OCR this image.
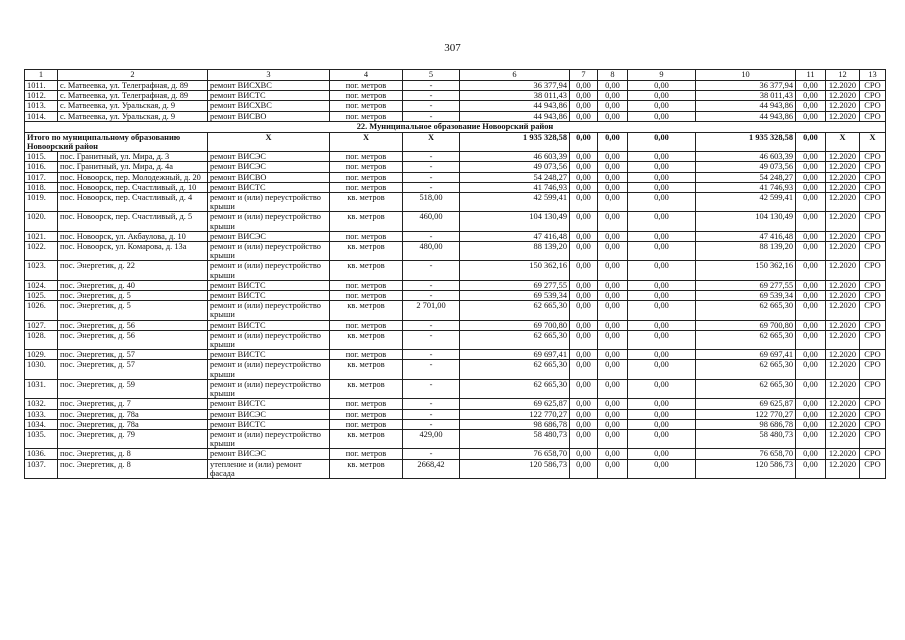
307
1	2	3	4	5	6	7	8	9	10	11	12	13
1011.	с. Матвеевка, ул. Телеграфная, д. 89	ремонт ВИСХВС	пог. метров	-	36 377,94	0,00	0,00	0,00	36 377,94	0,00	12.2020	СРО
1012.	с. Матвеевка, ул. Телеграфная, д. 89	ремонт ВИСТС	пог. метров	-	38 011,43	0,00	0,00	0,00	38 011,43	0,00	12.2020	СРО
1013.	с. Матвеевка, ул. Уральская, д. 9	ремонт ВИСХВС	пог. метров	-	44 943,86	0,00	0,00	0,00	44 943,86	0,00	12.2020	СРО
1014.	с. Матвеевка, ул. Уральская, д. 9	ремонт ВИСВО	пог. метров	-	44 943,86	0,00	0,00	0,00	44 943,86	0,00	12.2020	СРО
22. Муниципальное образование Новоорский район												
Итого по муниципальному образованию Новоорский район		X	X	X	1 935 328,58	0,00	0,00	0,00	1 935 328,58	0,00	X	X
1015.	пос. Гранитный, ул. Мира, д. 3	ремонт ВИСЭС	пог. метров	-	46 603,39	0,00	0,00	0,00	46 603,39	0,00	12.2020	СРО
1016.	пос. Гранитный, ул. Мира, д. 4а	ремонт ВИСЭС	пог. метров	-	49 073,56	0,00	0,00	0,00	49 073,56	0,00	12.2020	СРО
1017.	пос. Новоорск, пер. Молодежный, д. 20	ремонт ВИСВО	пог. метров	-	54 248,27	0,00	0,00	0,00	54 248,27	0,00	12.2020	СРО
1018.	пос. Новоорск, пер. Счастливый, д. 10	ремонт ВИСТС	пог. метров	-	41 746,93	0,00	0,00	0,00	41 746,93	0,00	12.2020	СРО
1019.	пос. Новоорск, пер. Счастливый, д. 4	ремонт и (или) переустройство крыши	кв. метров	518,00	42 599,41	0,00	0,00	0,00	42 599,41	0,00	12.2020	СРО
1020.	пос. Новоорск, пер. Счастливый, д. 5	ремонт и (или) переустройство крыши	кв. метров	460,00	104 130,49	0,00	0,00	0,00	104 130,49	0,00	12.2020	СРО
1021.	пос. Новоорск, ул. Акбаулова, д. 10	ремонт ВИСЭС	пог. метров	-	47 416,48	0,00	0,00	0,00	47 416,48	0,00	12.2020	СРО
1022.	пос. Новоорск, ул. Комарова, д. 13а	ремонт и (или) переустройство крыши	кв. метров	480,00	88 139,20	0,00	0,00	0,00	88 139,20	0,00	12.2020	СРО
1023.	пос. Энергетик, д. 22	ремонт и (или) переустройство крыши	кв. метров	-	150 362,16	0,00	0,00	0,00	150 362,16	0,00	12.2020	СРО
1024.	пос. Энергетик, д. 40	ремонт ВИСТС	пог. метров	-	69 277,55	0,00	0,00	0,00	69 277,55	0,00	12.2020	СРО
1025.	пос. Энергетик, д. 5	ремонт ВИСТС	пог. метров	-	69 539,34	0,00	0,00	0,00	69 539,34	0,00	12.2020	СРО
1026.	пос. Энергетик, д. 5	ремонт и (или) переустройство крыши	кв. метров	2 701,00	62 665,30	0,00	0,00	0,00	62 665,30	0,00	12.2020	СРО
1027.	пос. Энергетик, д. 56	ремонт ВИСТС	пог. метров	-	69 700,80	0,00	0,00	0,00	69 700,80	0,00	12.2020	СРО
1028.	пос. Энергетик, д. 56	ремонт и (или) переустройство крыши	кв. метров	-	62 665,30	0,00	0,00	0,00	62 665,30	0,00	12.2020	СРО
1029.	пос. Энергетик, д. 57	ремонт ВИСТС	пог. метров	-	69 697,41	0,00	0,00	0,00	69 697,41	0,00	12.2020	СРО
1030.	пос. Энергетик, д. 57	ремонт и (или) переустройство крыши	кв. метров	-	62 665,30	0,00	0,00	0,00	62 665,30	0,00	12.2020	СРО
1031.	пос. Энергетик, д. 59	ремонт и (или) переустройство крыши	кв. метров	-	62 665,30	0,00	0,00	0,00	62 665,30	0,00	12.2020	СРО
1032.	пос. Энергетик, д. 7	ремонт ВИСТС	пог. метров	-	69 625,87	0,00	0,00	0,00	69 625,87	0,00	12.2020	СРО
1033.	пос. Энергетик, д. 78а	ремонт ВИСЭС	пог. метров	-	122 770,27	0,00	0,00	0,00	122 770,27	0,00	12.2020	СРО
1034.	пос. Энергетик, д. 78а	ремонт ВИСТС	пог. метров	-	98 686,78	0,00	0,00	0,00	98 686,78	0,00	12.2020	СРО
1035.	пос. Энергетик, д. 79	ремонт и (или) переустройство крыши	кв. метров	429,00	58 480,73	0,00	0,00	0,00	58 480,73	0,00	12.2020	СРО
1036.	пос. Энергетик, д. 8	ремонт ВИСЭС	пог. метров	-	76 658,70	0,00	0,00	0,00	76 658,70	0,00	12.2020	СРО
1037.	пос. Энергетик, д. 8	утепление и (или) ремонт фасада	кв. метров	2668,42	120 586,73	0,00	0,00	0,00	120 586,73	0,00	12.2020	СРО
